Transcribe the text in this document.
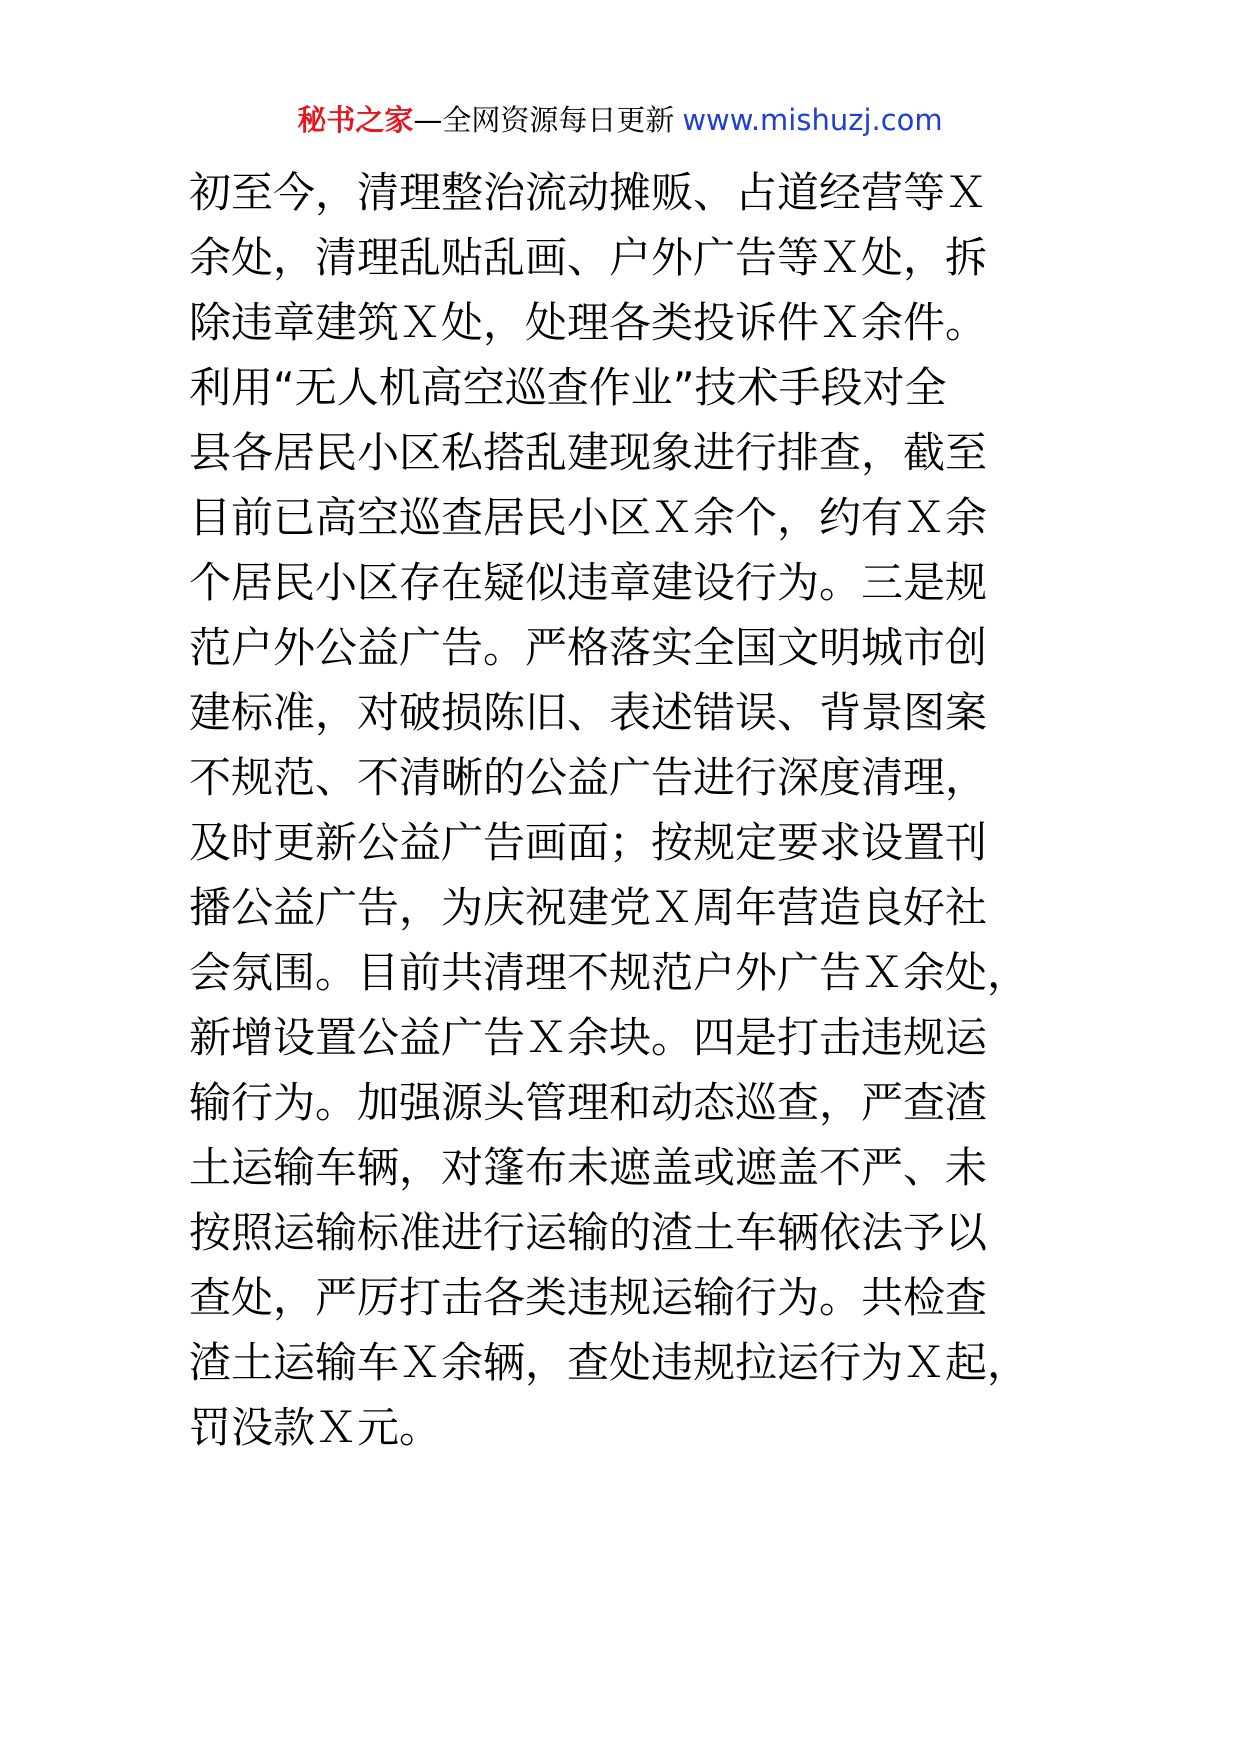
秘书之家—全网资源每日更新 www.mishuzj.com
初至今，清理整治流动摊贩、占道经营等Ｘ
余处，清理乱贴乱画、户外广告等Ｘ处，拆
除违章建筑Ｘ处，处理各类投诉件Ｘ余件。
利用“无人机高空巡查作业”技术手段对全
县各居民小区私搭乱建现象进行排查，截至
目前已高空巡查居民小区Ｘ余个，约有Ｘ余
个居民小区存在疑似违章建设行为。三是规
范户外公益广告。严格落实全国文明城市创
建标准，对破损陈旧、表述错误、背景图案
不规范、不清晰的公益广告进行深度清理，
及时更新公益广告画面；按规定要求设置刊
播公益广告，为庆祝建党Ｘ周年营造良好社
会氛围。目前共清理不规范户外广告Ｘ余处，
新增设置公益广告Ｘ余块。四是打击违规运
输行为。加强源头管理和动态巡查，严查渣
土运输车辆，对篷布未遮盖或遮盖不严、未
按照运输标准进行运输的渣土车辆依法予以
查处，严厉打击各类违规运输行为。共检查
渣土运输车Ｘ余辆，查处违规拉运行为Ｘ起，
罚没款Ｘ元。
